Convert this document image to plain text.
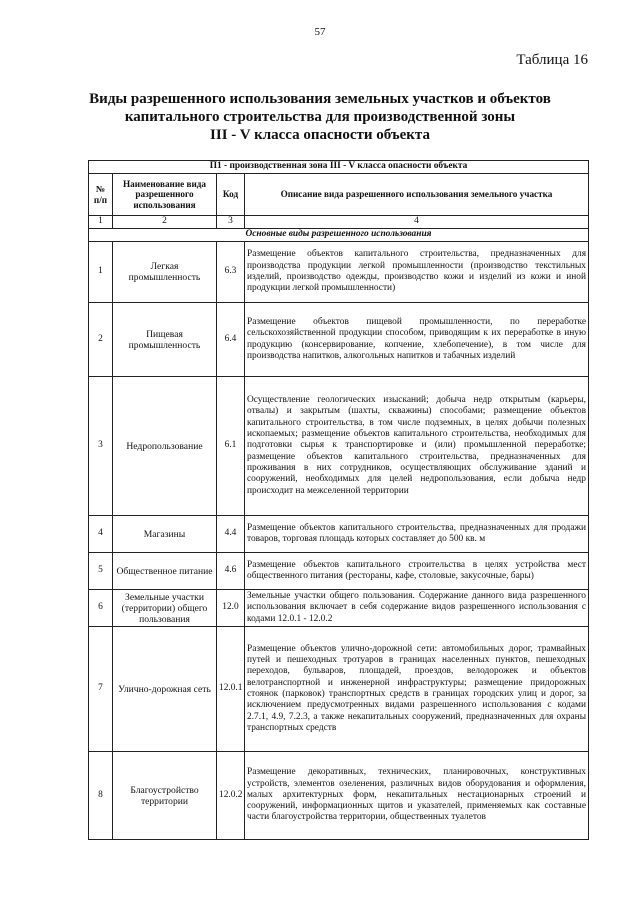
57
Таблица 16
Виды разрешенного использования земельных участков и объектов
капитального строительства для производственной зоны
III - V класса опасности объекта
П1 - производственная зона III - V класса опасности объекта			
№ п/п	Наименование вида разрешенного использования	Код	Описание вида разрешенного использования земельного участка
1	2	3	4
Основные виды разрешенного использования			
1	Легкая промышленность	6.3	Размещение объектов капитального строительства, предназначенных для производства продукции легкой промышленности (производство текстильных изделий, производство одежды, производство кожи и изделий из кожи и иной продукции легкой промышленности)
2	Пищевая промышленность	6.4	Размещение объектов пищевой промышленности, по переработке сельскохозяйственной продукции способом, приводящим к их переработке в иную продукцию (консервирование, копчение, хлебопечение), в том числе для производства напитков, алкогольных напитков и табачных изделий
3	Недропользование	6.1	Осуществление геологических изысканий; добыча недр открытым (карьеры, отвалы) и закрытым (шахты, скважины) способами; размещение объектов капитального строительства, в том числе подземных, в целях добычи полезных ископаемых; размещение объектов капитального строительства, необходимых для подготовки сырья к транспортировке и (или) промышленной переработке; размещение объектов капитального строительства, предназначенных для проживания в них сотрудников, осуществляющих обслуживание зданий и сооружений, необходимых для целей недропользования, если добыча недр происходит на межселенной территории
4	Магазины	4.4	Размещение объектов капитального строительства, предназначенных для продажи товаров, торговая площадь которых составляет до 500 кв. м
5	Общественное питание	4.6	Размещение объектов капитального строительства в целях устройства мест общественного питания (рестораны, кафе, столовые, закусочные, бары)
6	Земельные участки (территории) общего пользования	12.0	Земельные участки общего пользования. Содержание данного вида разрешенного использования включает в себя содержание видов разрешенного использования с кодами 12.0.1 - 12.0.2
7	Улично-дорожная сеть	12.0.1	Размещение объектов улично-дорожной сети: автомобильных дорог, трамвайных путей и пешеходных тротуаров в границах населенных пунктов, пешеходных переходов, бульваров, площадей, проездов, велодорожек и объектов велотранспортной и инженерной инфраструктуры; размещение придорожных стоянок (парковок) транспортных средств в границах городских улиц и дорог, за исключением предусмотренных видами разрешенного использования с кодами 2.7.1, 4.9, 7.2.3, а также некапитальных сооружений, предназначенных для охраны транспортных средств
8	Благоустройство территории	12.0.2	Размещение декоративных, технических, планировочных, конструктивных устройств, элементов озеленения, различных видов оборудования и оформления, малых архитектурных форм, некапитальных нестационарных строений и сооружений, информационных щитов и указателей, применяемых как составные части благоустройства территории, общественных туалетов
